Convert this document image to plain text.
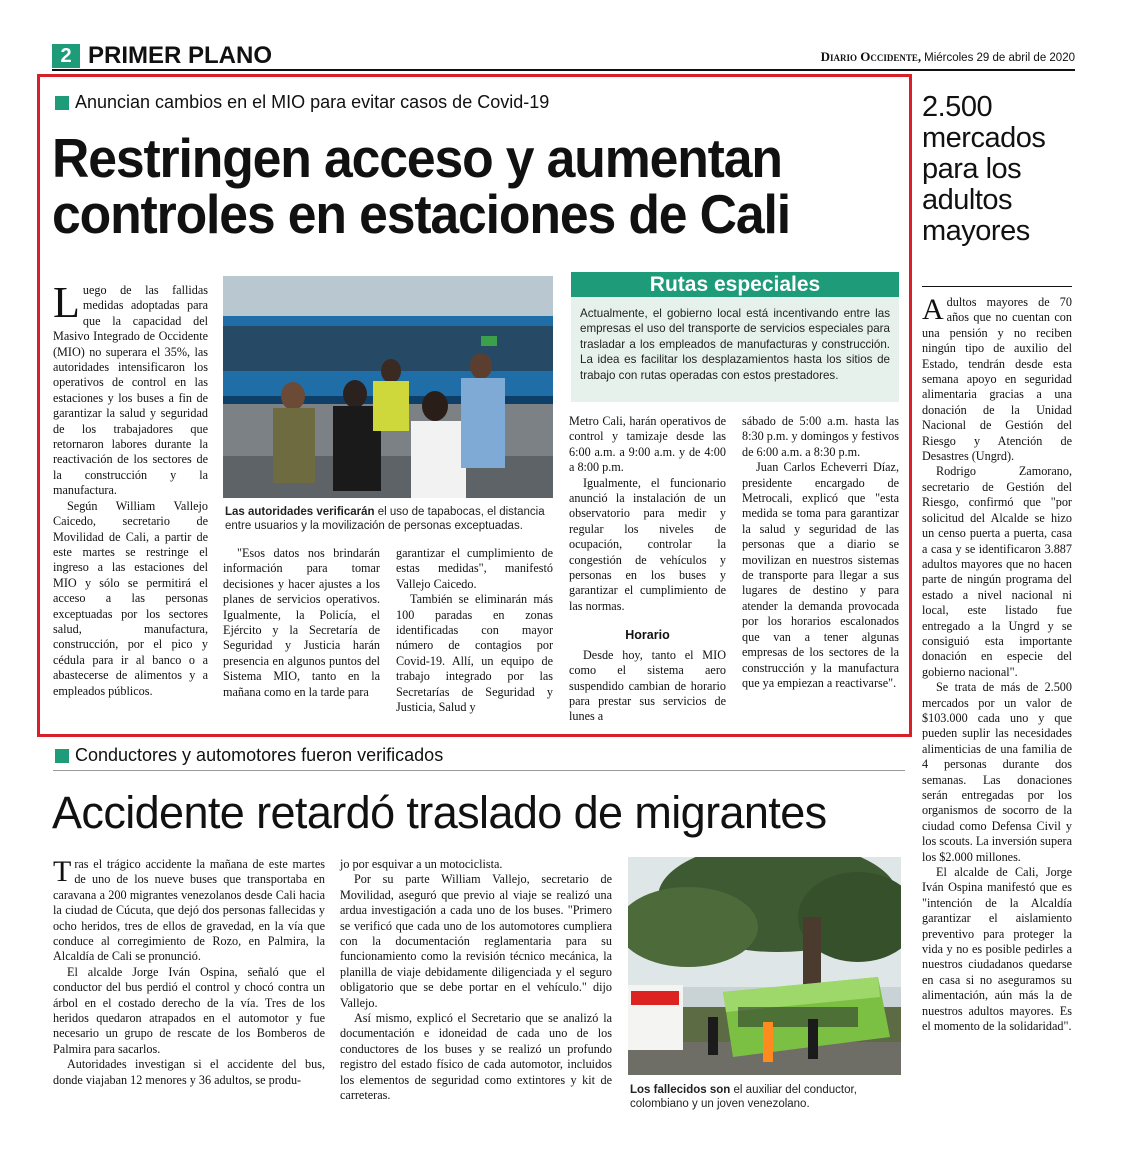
2 PRIMER PLANO	Diario Occidente, Miércoles 29 de abril de 2020
Anuncian cambios en el MIO para evitar casos de Covid-19
Restringen acceso y aumentan
controles en estaciones de Cali

Luego de las fallidas medidas adoptadas para que la capacidad del Masivo Integrado de Occidente (MIO) no superara el 35%, las autoridades intensificaron los operativos de control en las estaciones y los buses a fin de garantizar la salud y seguridad de los trabajadores que retornaron labores durante la reactivación de los sectores de la construcción y la manufactura.

Según William Vallejo Caicedo, secretario de Movilidad de Cali, a partir de este martes se restringe el ingreso a las estaciones del MIO y sólo se permitirá el acceso a las personas exceptuadas por los sectores salud, manufactura, construcción, por el pico y cédula para ir al banco o a abastecerse de alimentos y a empleados públicos.

Las autoridades verificarán el uso de tapabocas, el distancia entre usuarios y la movilización de personas exceptuadas.

"Esos datos nos brindarán información para tomar decisiones y hacer ajustes a los planes de servicios operativos. Igualmente, la Policía, el Ejército y la Secretaría de Seguridad y Justicia harán presencia en algunos puntos del Sistema MIO, tanto en la mañana como en la tarde para

garantizar el cumplimiento de estas medidas", manifestó Vallejo Caicedo.

También se eliminarán más 100 paradas en zonas identificadas con mayor número de contagios por Covid-19. Allí, un equipo de trabajo integrado por las Secretarías de Seguridad y Justicia, Salud y

Rutas especiales
Actualmente, el gobierno local está incentivando entre las empresas el uso del transporte de servicios especiales para trasladar a los empleados de manufacturas y construcción. La idea es facilitar los desplazamientos hasta los sitios de trabajo con rutas operadas con estos prestadores.

Metro Cali, harán operativos de control y tamizaje desde las 6:00 a.m. a 9:00 a.m. y de 4:00 a 8:00 p.m.

Igualmente, el funcionario anunció la instalación de un observatorio para medir y regular los niveles de ocupación, controlar la congestión de vehículos y personas en los buses y garantizar el cumplimiento de las normas.

Horario

Desde hoy, tanto el MIO como el sistema aero suspendido cambian de horario para prestar sus servicios de lunes a

sábado de 5:00 a.m. hasta las 8:30 p.m. y domingos y festivos de 6:00 a.m. a 8:30 p.m.

Juan Carlos Echeverri Díaz, presidente encargado de Metrocali, explicó que "esta medida se toma para garantizar la salud y seguridad de las personas que a diario se movilizan en nuestros sistemas de transporte para llegar a sus lugares de destino y para atender la demanda provocada por los horarios escalonados que van a tener algunas empresas de los sectores de la construcción y la manufactura que ya empiezan a reactivarse".

2.500 mercados para los adultos mayores

Adultos mayores de 70 años que no cuentan con una pensión y no reciben ningún tipo de auxilio del Estado, tendrán desde esta semana apoyo en seguridad alimentaria gracias a una donación de la Unidad Nacional de Gestión del Riesgo y Atención de Desastres (Ungrd).

Rodrigo Zamorano, secretario de Gestión del Riesgo, confirmó que "por solicitud del Alcalde se hizo un censo puerta a puerta, casa a casa y se identificaron 3.887 adultos mayores que no hacen parte de ningún programa del estado a nivel nacional ni local, este listado fue entregado a la Ungrd y se consiguió esta importante donación en especie del gobierno nacional".

Se trata de más de 2.500 mercados por un valor de $103.000 cada uno y que pueden suplir las necesidades alimenticias de una familia de 4 personas durante dos semanas. Las donaciones serán entregadas por los organismos de socorro de la ciudad como Defensa Civil y los scouts. La inversión supera los $2.000 millones.

El alcalde de Cali, Jorge Iván Ospina manifestó que es "intención de la Alcaldía garantizar el aislamiento preventivo para proteger la vida y no es posible pedirles a nuestros ciudadanos quedarse en casa si no aseguramos su alimentación, aún más la de nuestros adultos mayores. Es el momento de la solidaridad".

Conductores y automotores fueron verificados
Accidente retardó traslado de migrantes

Tras el trágico accidente la mañana de este martes de uno de los nueve buses que transportaba en caravana a 200 migrantes venezolanos desde Cali hacia la ciudad de Cúcuta, que dejó dos personas fallecidas y ocho heridos, tres de ellos de gravedad, en la vía que conduce al corregimiento de Rozo, en Palmira, la Alcaldía de Cali se pronunció.

El alcalde Jorge Iván Ospina, señaló que el conductor del bus perdió el control y chocó contra un árbol en el costado derecho de la vía. Tres de los heridos quedaron atrapados en el automotor y fue necesario un grupo de rescate de los Bomberos de Palmira para sacarlos.

Autoridades investigan si el accidente del bus, donde viajaban 12 menores y 36 adultos, se produ-

jo por esquivar a un motociclista.

Por su parte William Vallejo, secretario de Movilidad, aseguró que previo al viaje se realizó una ardua investigación a cada uno de los buses. "Primero se verificó que cada uno de los automotores cumpliera con la documentación reglamentaria para su funcionamiento como la revisión técnico mecánica, la planilla de viaje debidamente diligenciada y el seguro obligatorio que se debe portar en el vehículo." dijo Vallejo.

Así mismo, explicó el Secretario que se analizó la documentación e idoneidad de cada uno de los conductores de los buses y se realizó un profundo registro del estado físico de cada automotor, incluidos los elementos de seguridad como extintores y kit de carreteras.	Los fallecidos son el auxiliar del conductor, colombiano y un joven venezolano.
